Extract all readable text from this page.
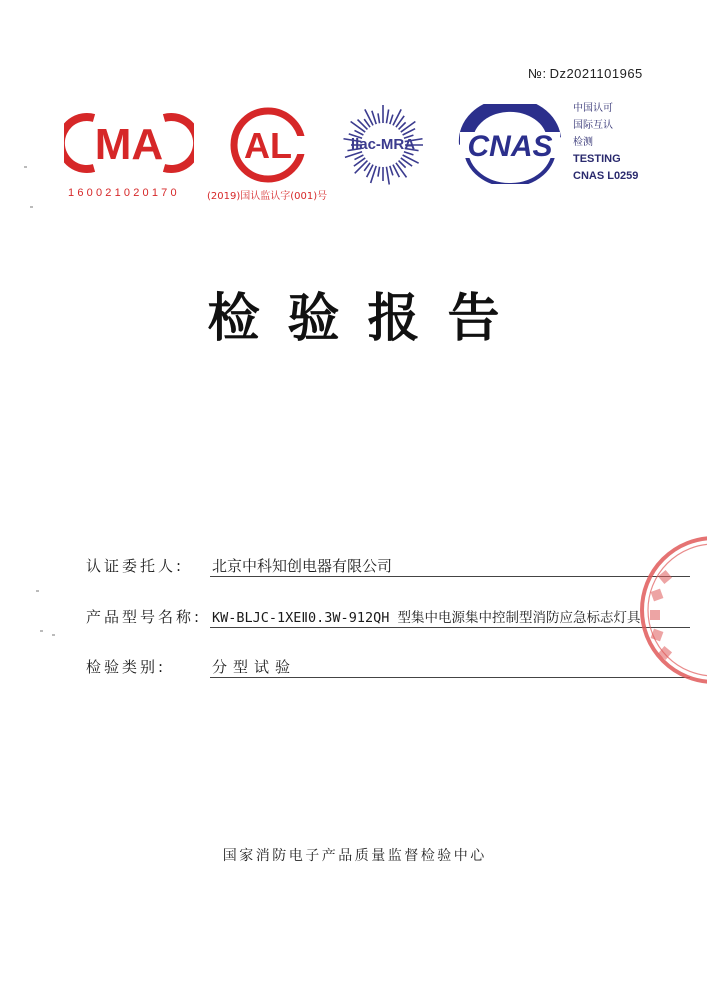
№: Dz2021101965
MA
160021020170
AL
(2019)国认监认字(001)号
ilac-MRA CNAS
中国认可
国际互认
检测
TESTING
CNAS L0259
检验报告
认证委托人: 北京中科知创电器有限公司
产品型号名称: KW-BLJC-1XEⅡ0.3W-912QH 型集中电源集中控制型消防应急标志灯具
检验类别:	分型试验
国家消防电子产品质量监督检验中心
